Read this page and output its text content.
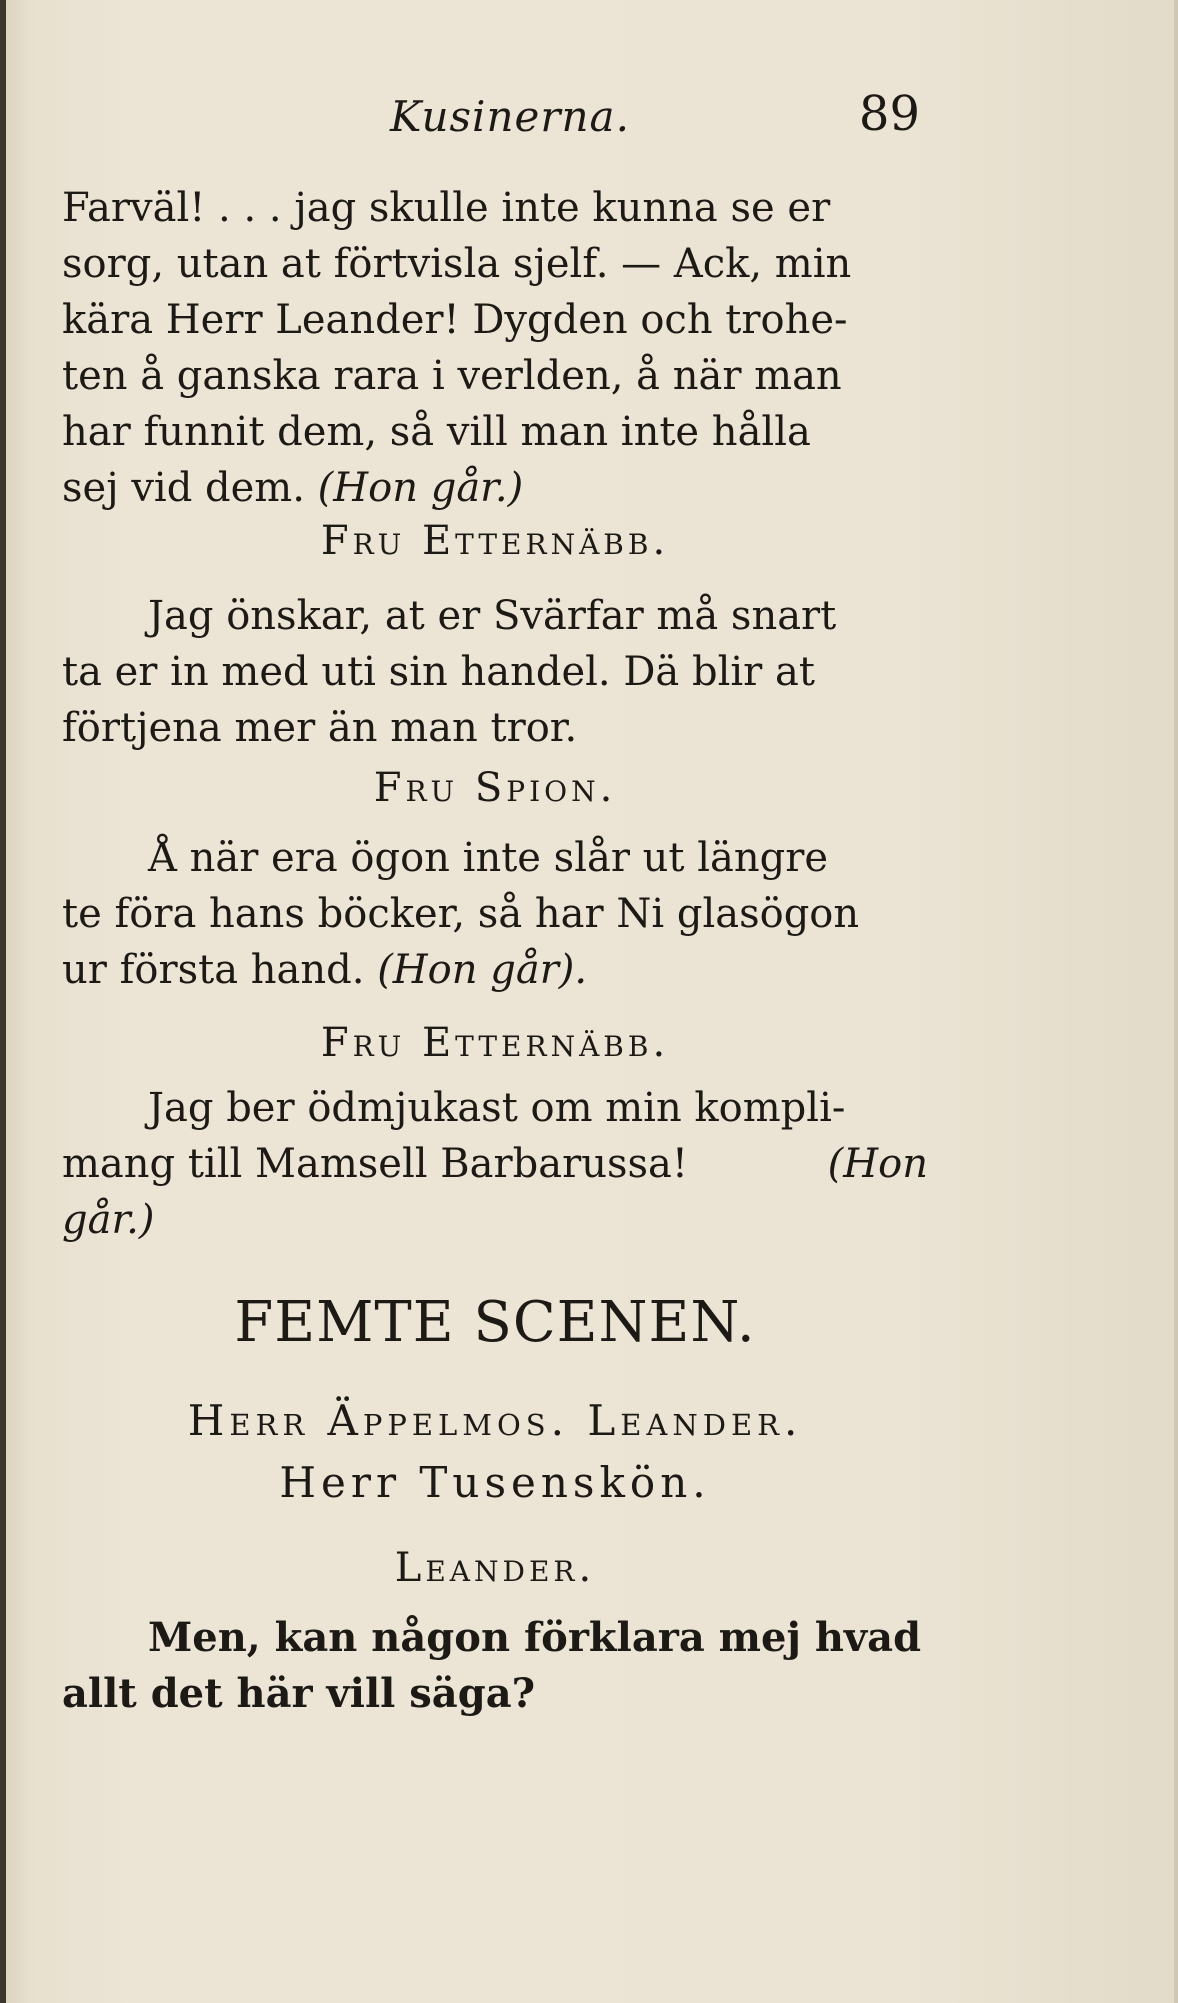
Kusinerna.	89
Farväl! . . . jag skulle inte kunna se er
sorg, utan at förtvisla sjelf. — Ack, min
kära Herr Leander! Dygden och trohe-
ten å ganska rara i verlden, å när man
har funnit dem, så vill man inte hålla
sej vid dem. (Hon går.)
Fru Etternäbb.
Jag önskar, at er Svärfar må snart
ta er in med uti sin handel. Dä blir at
förtjena mer än man tror.
Fru Spion.
Å när era ögon inte slår ut längre
te föra hans böcker, så har Ni glasögon
ur första hand. (Hon går).
Fru Etternäbb.
Jag ber ödmjukast om min kompli-
mang till Mamsell Barbarussa!	(Hon
går.)
FEMTE SCENEN.
Herr Äppelmos. Leander.
Herr Tusenskön.
Leander.
Men, kan någon förklara mej hvad
allt det här vill säga?
